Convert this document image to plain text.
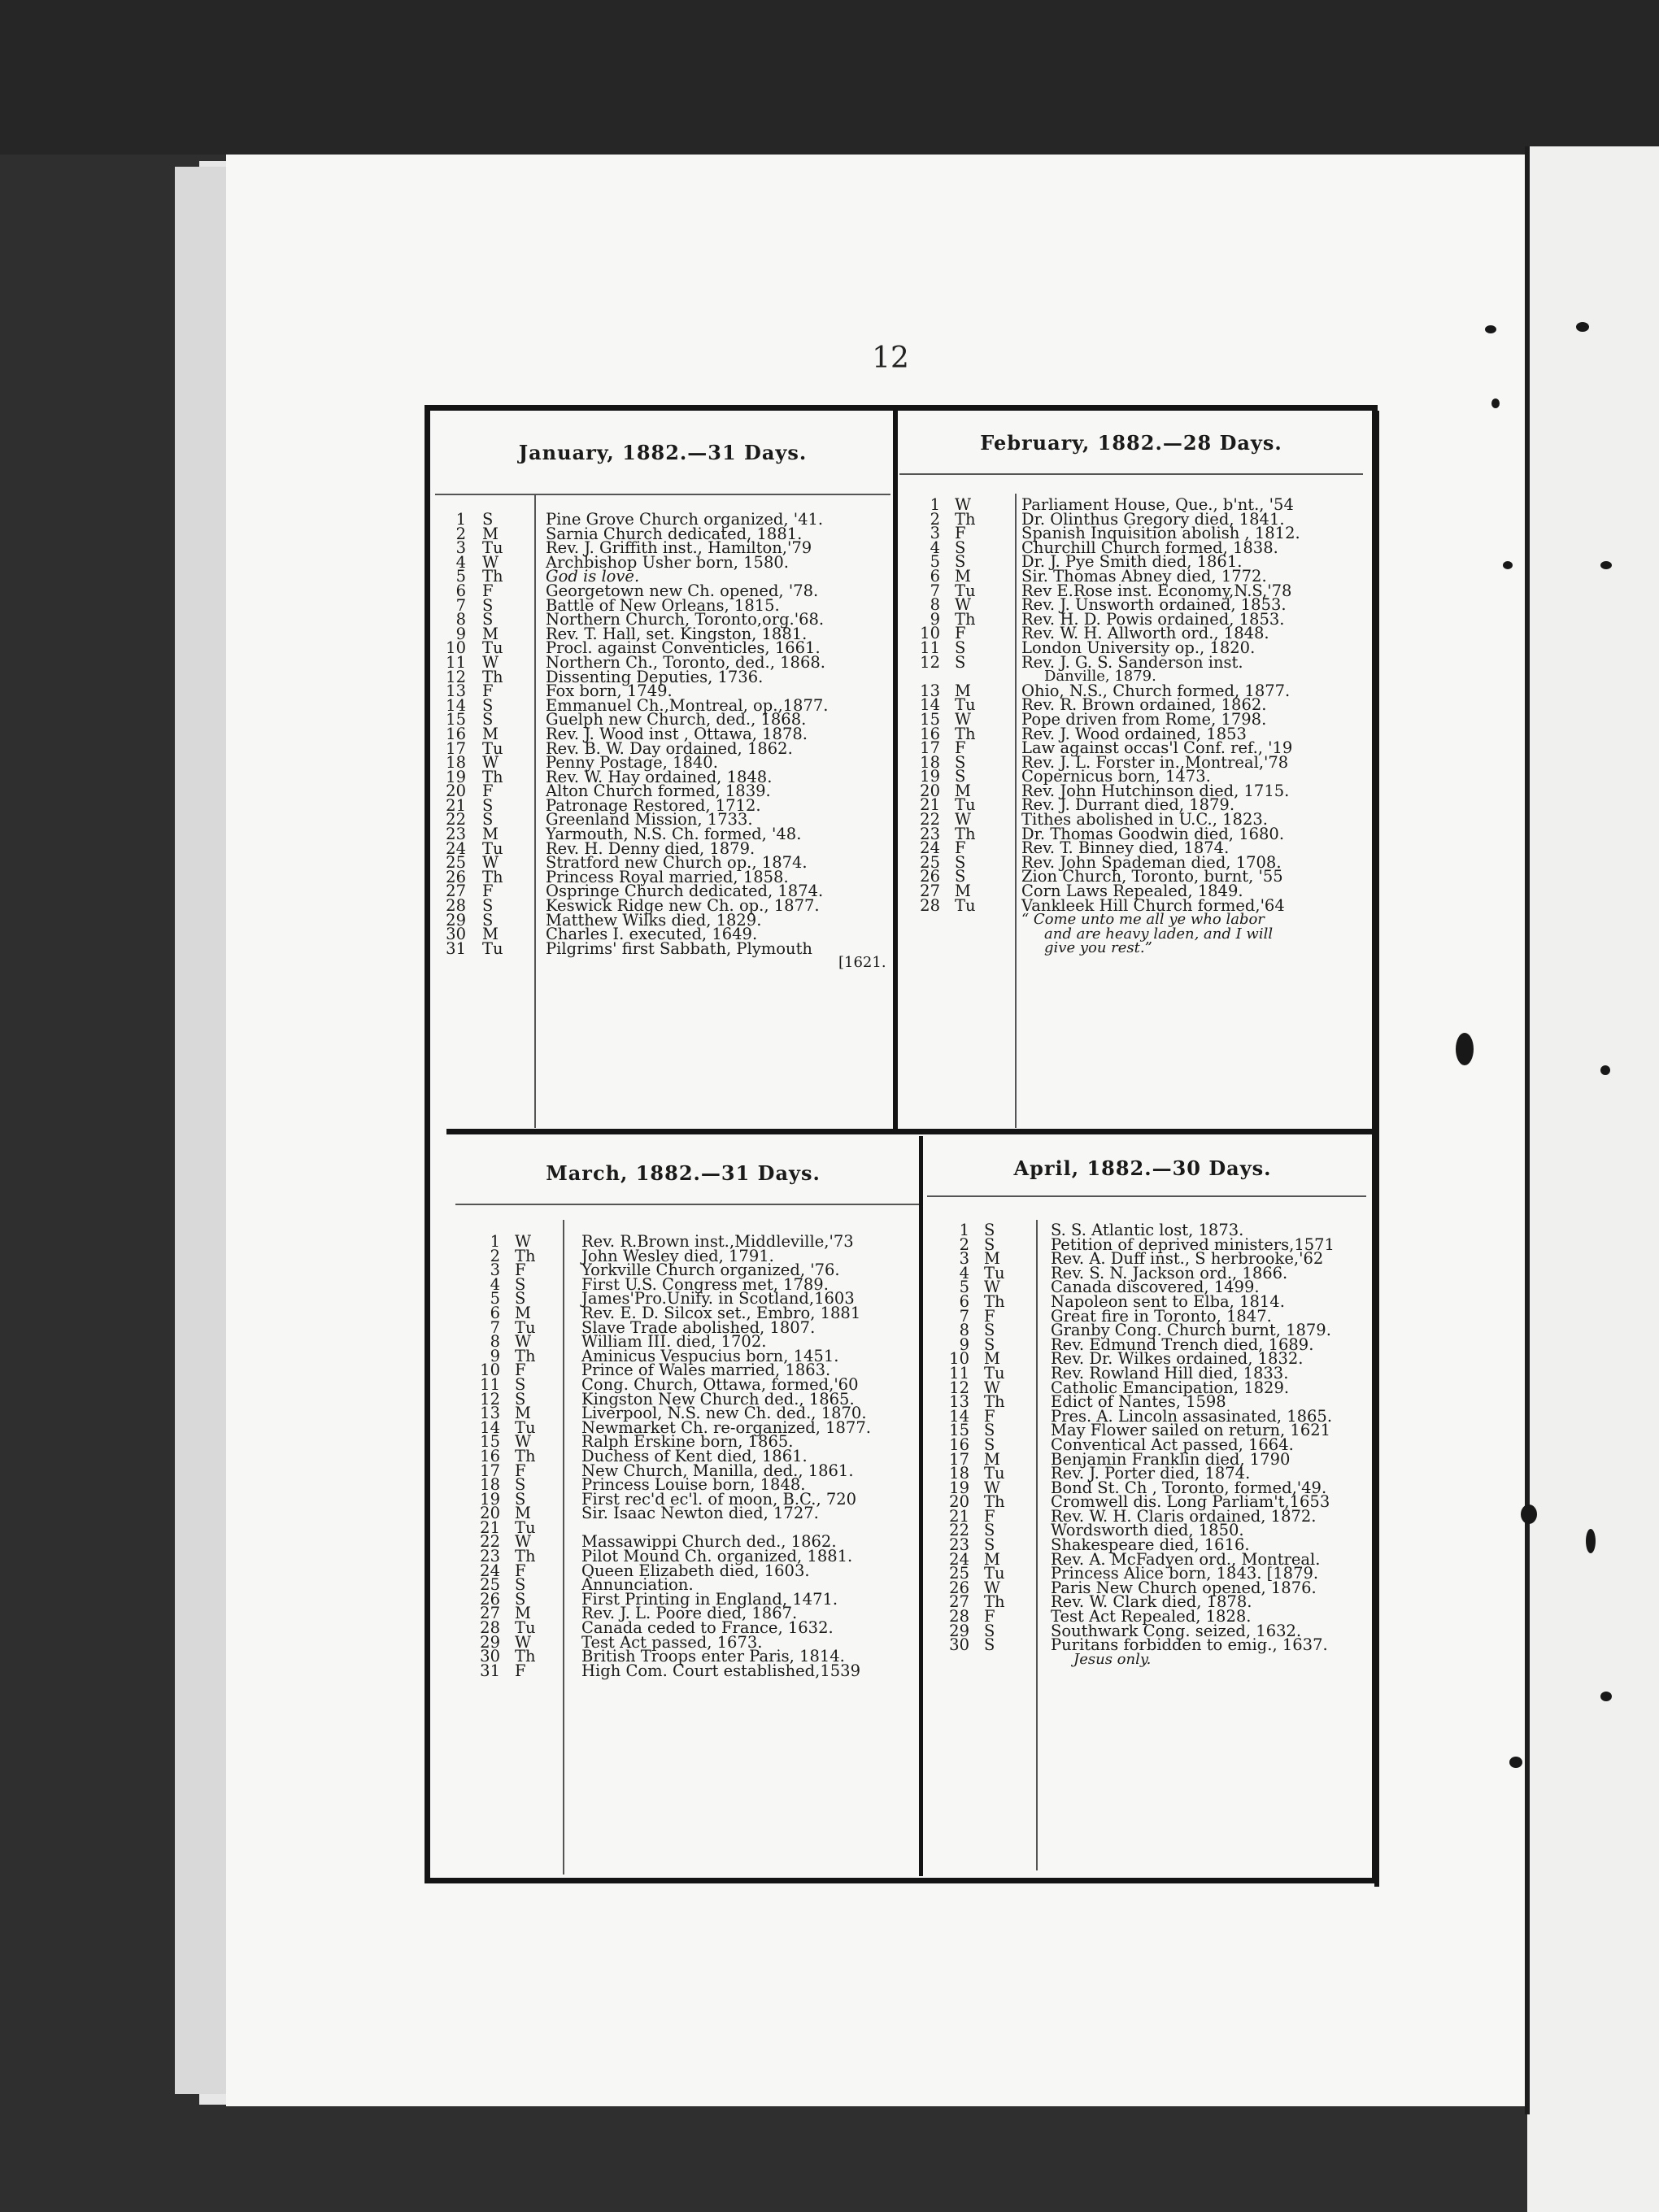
12
January, 1882.—31 Days.
1 S	Pine Grove Church organized, '41.
2 M	Sarnia Church dedicated, 1881.
3 Tu	Rev. J. Griffith inst., Hamilton,'79
4 W	Archbishop Usher born, 1580.
5 Th	God is love.
6 F	Georgetown new Ch. opened, '78.
7 S	Battle of New Orleans, 1815.
8 S	Northern Church, Toronto,org.'68.
9 M	Rev. T. Hall, set. Kingston, 1881.
10 Tu	Procl. against Conventicles, 1661.
11 W	Northern Ch., Toronto, ded., 1868.
12 Th	Dissenting Deputies, 1736.
13 F	Fox born, 1749.
14 S	Emmanuel Ch.,Montreal, op.,1877.
15 S	Guelph new Church, ded., 1868.
16 M	Rev. J. Wood inst , Ottawa, 1878.
17 Tu	Rev. B. W. Day ordained, 1862.
18 W	Penny Postage, 1840.
19 Th	Rev. W. Hay ordained, 1848.
20 F	Alton Church formed, 1839.
21 S	Patronage Restored, 1712.
22 S	Greenland Mission, 1733.
23 M	Yarmouth, N.S. Ch. formed, '48.
24 Tu	Rev. H. Denny died, 1879.
25 W	Stratford new Church op., 1874.
26 Th	Princess Royal married, 1858.
27 F	Ospringe Church dedicated, 1874.
28 S	Keswick Ridge new Ch. op., 1877.
29 S	Matthew Wilks died, 1829.
30 M	Charles I. executed, 1649.
31 Tu	Pilgrims' first Sabbath, Plymouth
[1621.
February, 1882.—28 Days.
1 W	Parliament House, Que., b'nt., '54
2 Th	Dr. Olinthus Gregory died, 1841.
3 F	Spanish Inquisition abolish , 1812.
4 S	Churchill Church formed, 1838.
5 S	Dr. J. Pye Smith died, 1861.
6 M	Sir. Thomas Abney died, 1772.
7 Tu	Rev E.Rose inst. Economy,N.S,'78
8 W	Rev. J. Unsworth ordained, 1853.
9 Th	Rev. H. D. Powis ordained, 1853.
10 F	Rev. W. H. Allworth ord., 1848.
11 S	London University op., 1820.
12 S	Rev. J. G. S. Sanderson inst.
Danville, 1879.
13 M	Ohio, N.S., Church formed, 1877.
14 Tu	Rev. R. Brown ordained, 1862.
15 W	Pope driven from Rome, 1798.
16 Th	Rev. J. Wood ordained, 1853
17 F	Law against occas'l Conf. ref., '19
18 S	Rev. J. L. Forster in.,Montreal,'78
19 S	Copernicus born, 1473.
20 M	Rev. John Hutchinson died, 1715.
21 Tu	Rev. J. Durrant died, 1879.
22 W	Tithes abolished in U.C., 1823.
23 Th	Dr. Thomas Goodwin died, 1680.
24 F	Rev. T. Binney died, 1874.
25 S	Rev. John Spademan died, 1708.
26 S	Zion Church, Toronto, burnt, '55
27 M	Corn Laws Repealed, 1849.
28 Tu	Vankleek Hill Church formed,'64
“ Come unto me all ye who labor
and are heavy laden, and I will
give you rest.”
March, 1882.—31 Days.
1 W	Rev. R.Brown inst.,Middleville,'73
2 Th	John Wesley died, 1791.
3 F	Yorkville Church organized, '76.
4 S	First U.S. Congress met, 1789.
5 S	James'Pro.Unify. in Scotland,1603
6 M	Rev. E. D. Silcox set., Embro, 1881
7 Tu	Slave Trade abolished, 1807.
8 W	William III. died, 1702.
9 Th	Aminicus Vespucius born, 1451.
10 F	Prince of Wales married, 1863.
11 S	Cong. Church, Ottawa, formed,'60
12 S	Kingston New Church ded., 1865.
13 M	Liverpool, N.S. new Ch. ded., 1870.
14 Tu	Newmarket Ch. re-organized, 1877.
15 W	Ralph Erskine born, 1865.
16 Th	Duchess of Kent died, 1861.
17 F	New Church, Manilla, ded., 1861.
18 S	Princess Louise born, 1848.
19 S	First rec'd ec'l. of moon, B.C., 720
20 M	Sir. Isaac Newton died, 1727.
21 Tu
22 W	Massawippi Church ded., 1862.
23 Th	Pilot Mound Ch. organized, 1881.
24 F	Queen Elizabeth died, 1603.
25 S	Annunciation.
26 S	First Printing in England, 1471.
27 M	Rev. J. L. Poore died, 1867.
28 Tu	Canada ceded to France, 1632.
29 W	Test Act passed, 1673.
30 Th	British Troops enter Paris, 1814.
31 F	High Com. Court established,1539
April, 1882.—30 Days.
1 S	S. S. Atlantic lost, 1873.
2 S	Petition of deprived ministers,1571
3 M	Rev. A. Duff inst., S herbrooke,'62
4 Tu	Rev. S. N. Jackson ord., 1866.
5 W	Canada discovered, 1499.
6 Th	Napoleon sent to Elba, 1814.
7 F	Great fire in Toronto, 1847.
8 S	Granby Cong. Church burnt, 1879.
9 S	Rev. Edmund Trench died, 1689.
10 M	Rev. Dr. Wilkes ordained, 1832.
11 Tu	Rev. Rowland Hill died, 1833.
12 W	Catholic Emancipation, 1829.
13 Th	Edict of Nantes, 1598
14 F	Pres. A. Lincoln assasinated, 1865.
15 S	May Flower sailed on return, 1621
16 S	Conventical Act passed, 1664.
17 M	Benjamin Franklin died, 1790
18 Tu	Rev. J. Porter died, 1874.
19 W	Bond St. Ch , Toronto, formed,'49.
20 Th	Cromwell dis. Long Parliam't,1653
21 F	Rev. W. H. Claris ordained, 1872.
22 S	Wordsworth died, 1850.
23 S	Shakespeare died, 1616.
24 M	Rev. A. McFadyen ord., Montreal.
25 Tu	Princess Alice born, 1843. [1879.
26 W	Paris New Church opened, 1876.
27 Th	Rev. W. Clark died, 1878.
28 F	Test Act Repealed, 1828.
29 S	Southwark Cong. seized, 1632.
30 S	Puritans forbidden to emig., 1637.
Jesus only.
